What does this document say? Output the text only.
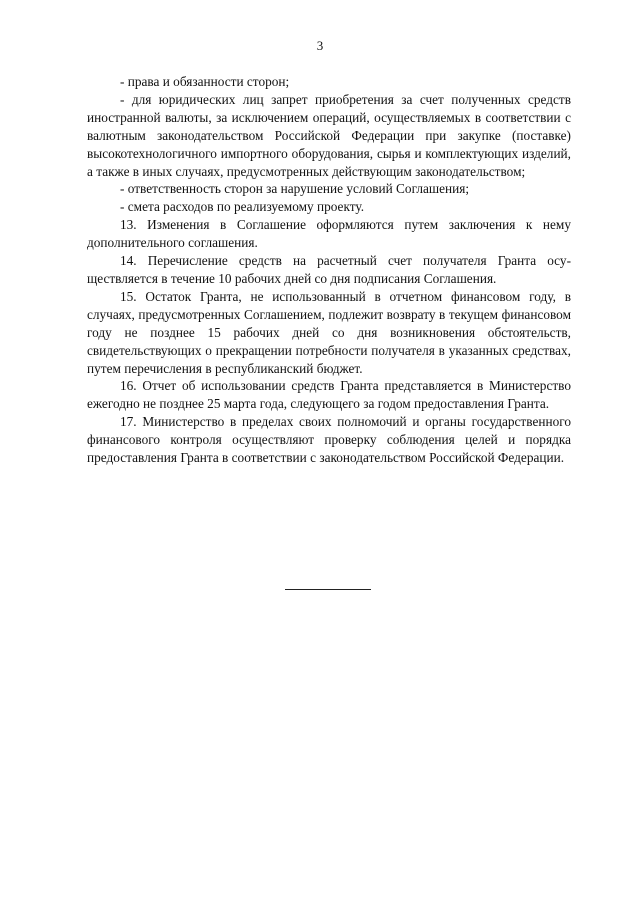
3

- права и обязанности сторон;

- для юридических лиц запрет приобретения за счет полученных средств иностранной валюты, за исключением операций, осуществляемых в соответствии с валютным законодательством Российской Федерации при закупке (поставке) высокотехнологичного импортного оборудования, сырья и комплектующих изделий, а также в иных случаях, предусмотренных действующим законодательством;

- ответственность сторон за нарушение условий Соглашения;

- смета расходов по реализуемому проекту.

13. Изменения в Соглашение оформляются путем заключения к нему дополнительного соглашения.

14. Перечисление средств на расчетный счет получателя Гранта осуществляется в течение 10 рабочих дней со дня подписания Соглашения.

15. Остаток Гранта, не использованный в отчетном финансовом году, в случаях, предусмотренных Соглашением, подлежит возврату в текущем финансовом году не позднее 15 рабочих дней со дня возникновения обстоятельств, свидетельствующих о прекращении потребности получателя в указанных средствах, путем перечисления в республиканский бюджет.

16. Отчет об использовании средств Гранта представляется в Министерство ежегодно не позднее 25 марта года, следующего за годом предоставления Гранта.

17. Министерство в пределах своих полномочий и органы государственного финансового контроля осуществляют проверку соблюдения целей и порядка предоставления Гранта в соответствии с законодательством Российской Федерации.
